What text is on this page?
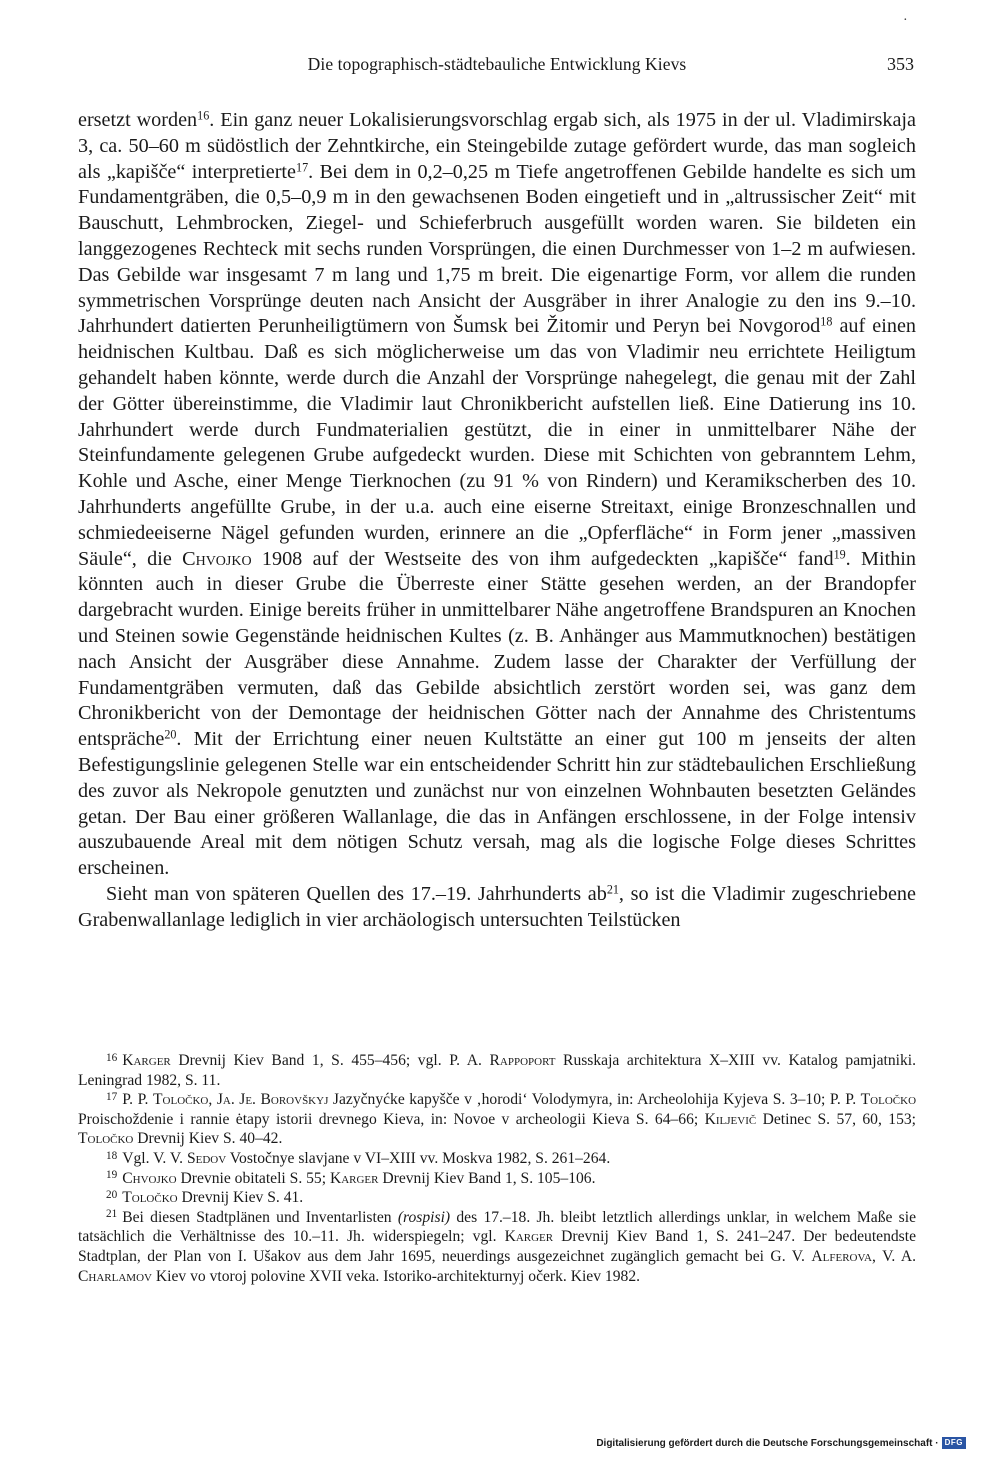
·
Die topographisch-städtebauliche Entwicklung Kievs	353

ersetzt worden$^{16}$. Ein ganz neuer Lokalisierungsvorschlag ergab sich, als 1975 in der ul. Vladimirskaja 3, ca. 50–60 m südöstlich der Zehntkirche, ein Steingebilde zutage gefördert wurde, das man sogleich als „kapišče“ interpretierte$^{17}$. Bei dem in 0,2–0,25 m Tiefe angetroffenen Gebilde handelte es sich um Fundamentgräben, die 0,5–0,9 m in den gewachsenen Boden eingetieft und in „altrussischer Zeit“ mit Bauschutt, Lehmbrocken, Ziegel- und Schieferbruch ausgefüllt worden waren. Sie bildeten ein langgezogenes Rechteck mit sechs runden Vorsprüngen, die einen Durchmesser von 1–2 m aufwiesen. Das Gebilde war insgesamt 7 m lang und 1,75 m breit. Die eigenartige Form, vor allem die runden symmetrischen Vorsprünge deuten nach Ansicht der Ausgräber in ihrer Analogie zu den ins 9.–10. Jahrhundert datierten Perunheiligtümern von Šumsk bei Žitomir und Peryn bei Novgorod$^{18}$ auf einen heidnischen Kultbau. Daß es sich möglicherweise um das von Vladimir neu errichtete Heiligtum gehandelt haben könnte, werde durch die Anzahl der Vorsprünge nahegelegt, die genau mit der Zahl der Götter übereinstimme, die Vladimir laut Chronikbericht aufstellen ließ. Eine Datierung ins 10. Jahrhundert werde durch Fundmaterialien gestützt, die in einer in unmittelbarer Nähe der Steinfundamente gelegenen Grube aufgedeckt wurden. Diese mit Schichten von gebranntem Lehm, Kohle und Asche, einer Menge Tierknochen (zu 91 % von Rindern) und Keramikscherben des 10. Jahrhunderts angefüllte Grube, in der u.a. auch eine eiserne Streitaxt, einige Bronzeschnallen und schmiedeeiserne Nägel gefunden wurden, erinnere an die „Opferfläche“ in Form jener „massiven Säule“, die Chvojko 1908 auf der Westseite des von ihm aufgedeckten „kapišče“ fand$^{19}$. Mithin könnten auch in dieser Grube die Überreste einer Stätte gesehen werden, an der Brandopfer dargebracht wurden. Einige bereits früher in unmittelbarer Nähe angetroffene Brandspuren an Knochen und Steinen sowie Gegenstände heidnischen Kultes (z. B. Anhänger aus Mammutknochen) bestätigen nach Ansicht der Ausgräber diese Annahme. Zudem lasse der Charakter der Verfüllung der Fundamentgräben vermuten, daß das Gebilde absichtlich zerstört worden sei, was ganz dem Chronikbericht von der Demontage der heidnischen Götter nach der Annahme des Christentums entspräche$^{20}$. Mit der Errichtung einer neuen Kultstätte an einer gut 100 m jenseits der alten Befestigungslinie gelegenen Stelle war ein entscheidender Schritt hin zur städtebaulichen Erschließung des zuvor als Nekropole genutzten und zunächst nur von einzelnen Wohnbauten besetzten Geländes getan. Der Bau einer größeren Wallanlage, die das in Anfängen erschlossene, in der Folge intensiv auszubauende Areal mit dem nötigen Schutz versah, mag als die logische Folge dieses Schrittes erscheinen.

Sieht man von späteren Quellen des 17.–19. Jahrhunderts $ab^{21}$, so ist die Vladimir zugeschriebene Grabenwallanlage lediglich in vier archäologisch untersuchten Teilstücken

$^{16}$ Karger Drevnij Kiev Band 1, S. 455–456; vgl. P. A. Rappoport Russkaja architektura X–XIII vv. Katalog pamjatniki. Leningrad 1982, S. 11.

$^{17}$ P. P. Toločko, Ja. Je. Borovškyj Jazyčnyćke kapyšče v ‚horodi‘ Volodymyra, in: Archeolohija Kyjeva S. 3–10; P. P. Toločko Proischoždenie i rannie ėtapy istorii drevnego Kieva, in: Novoe v archeologii Kieva S. 64–66; Kiljevič Detinec S. 57, 60, 153; Toločko Drevnij Kiev S. 40–42.

$^{18}$ Vgl. V. V. Sedov Vostočnye slavjane v VI–XIII vv. Moskva 1982, S. 261–264.

$^{19}$ Chvojko Drevnie obitateli S. 55; Karger Drevnij Kiev Band 1, S. 105–106.

$^{20}$ Toločko Drevnij Kiev S. 41.

$^{21}$ Bei diesen Stadtplänen und Inventarlisten (rospisi) des 17.–18. Jh. bleibt letztlich allerdings unklar, in welchem Maße sie tatsächlich die Verhältnisse des 10.–11. Jh. widerspiegeln; vgl. Karger Drevnij Kiev Band 1, S. 241–247. Der bedeutendste Stadtplan, der Plan von I. Ušakov aus dem Jahr 1695, neuerdings ausgezeichnet zugänglich gemacht bei G. V. Alferova, V. A. Charlamov Kiev vo vtoroj polovine XVII veka. Istoriko-architekturnyj očerk. Kiev 1982.

Digitalisierung gefördert durch die Deutsche Forschungsgemeinschaft · DFG
